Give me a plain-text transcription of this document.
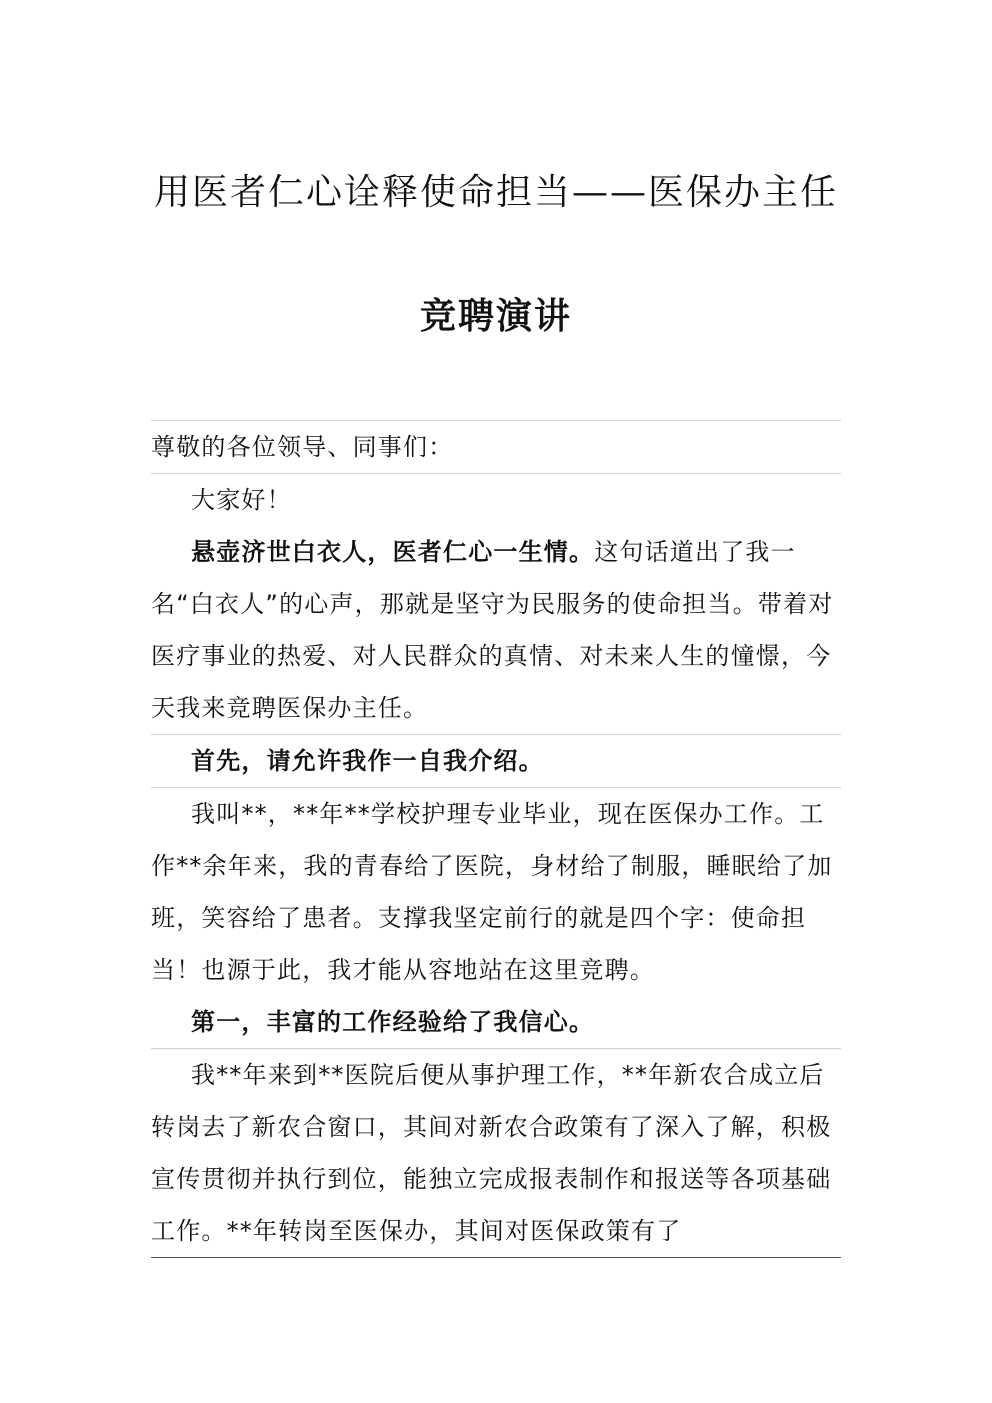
用医者仁心诠释使命担当——医保办主任
竞聘演讲

尊敬的各位领导、同事们：

大家好！

悬壶济世白衣人，医者仁心一生情。这句话道出了我一名“白衣人”的心声，那就是坚守为民服务的使命担当。带着对医疗事业的热爱、对人民群众的真情、对未来人生的憧憬，今天我来竞聘医保办主任。

首先，请允许我作一自我介绍。

我叫**，**年**学校护理专业毕业，现在医保办工作。工作**余年来，我的青春给了医院，身材给了制服，睡眠给了加班，笑容给了患者。支撑我坚定前行的就是四个字：使命担当！也源于此，我才能从容地站在这里竞聘。

第一，丰富的工作经验给了我信心。

我**年来到**医院后便从事护理工作，**年新农合成立后转岗去了新农合窗口，其间对新农合政策有了深入了解，积极宣传贯彻并执行到位，能独立完成报表制作和报送等各项基础工作。**年转岗至医保办，其间对医保政策有了
